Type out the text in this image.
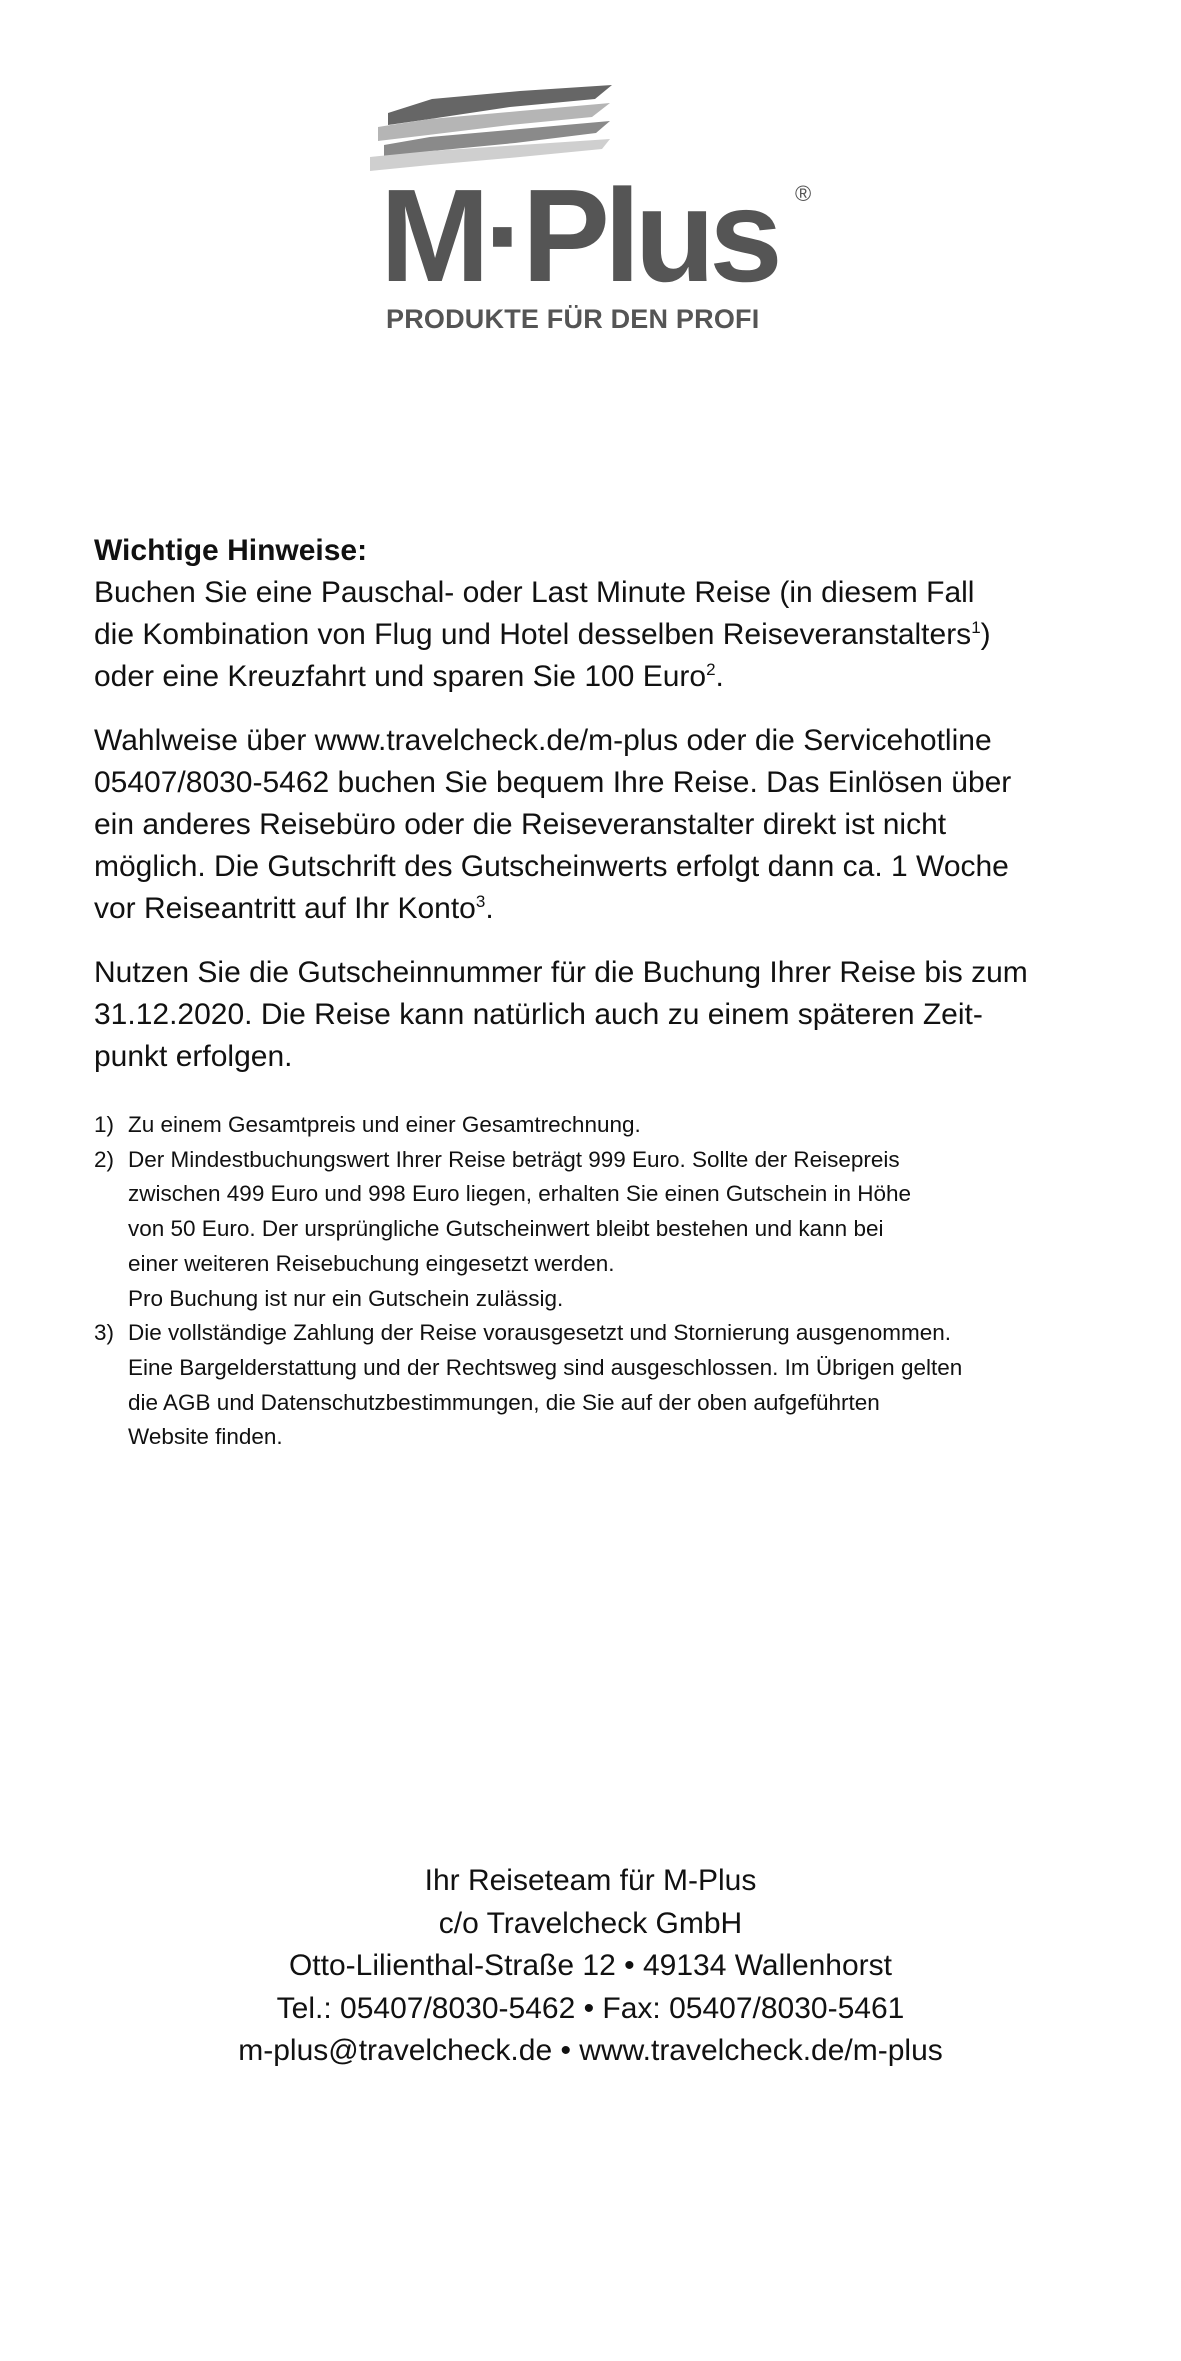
M·Plus ®
PRODUKTE FÜR DEN PROFI

Wichtige Hinweise:

Buchen Sie eine Pauschal- oder Last Minute Reise (in diesem Fall
die Kombination von Flug und Hotel desselben Reiseveranstalters$^1$)
oder eine Kreuzfahrt und sparen Sie 100 Euro$^2$.

Wahlweise über www.travelcheck.de/m-plus oder die Servicehotline
05407/8030-5462 buchen Sie bequem Ihre Reise. Das Einlösen über
ein anderes Reisebüro oder die Reiseveranstalter direkt ist nicht
möglich. Die Gutschrift des Gutscheinwerts erfolgt dann ca. 1 Woche
vor Reiseantritt auf Ihr Konto$^3$.

Nutzen Sie die Gutscheinnummer für die Buchung Ihrer Reise bis zum
31.12.2020. Die Reise kann natürlich auch zu einem späteren Zeit-
punkt erfolgen.

1) Zu einem Gesamtpreis und einer Gesamtrechnung.
2) Der Mindestbuchungswert Ihrer Reise beträgt 999 Euro. Sollte der Reisepreis
zwischen 499 Euro und 998 Euro liegen, erhalten Sie einen Gutschein in Höhe
von 50 Euro. Der ursprüngliche Gutscheinwert bleibt bestehen und kann bei
einer weiteren Reisebuchung eingesetzt werden.
Pro Buchung ist nur ein Gutschein zulässig.
3) Die vollständige Zahlung der Reise vorausgesetzt und Stornierung ausgenommen.
Eine Bargelderstattung und der Rechtsweg sind ausgeschlossen. Im Übrigen gelten
die AGB und Datenschutzbestimmungen, die Sie auf der oben aufgeführten
Website finden.
Ihr Reiseteam für M-Plus
c/o Travelcheck GmbH
Otto-Lilienthal-Straße 12 • 49134 Wallenhorst
Tel.: 05407/8030-5462 • Fax: 05407/8030-5461
m-plus@travelcheck.de • www.travelcheck.de/m-plus
